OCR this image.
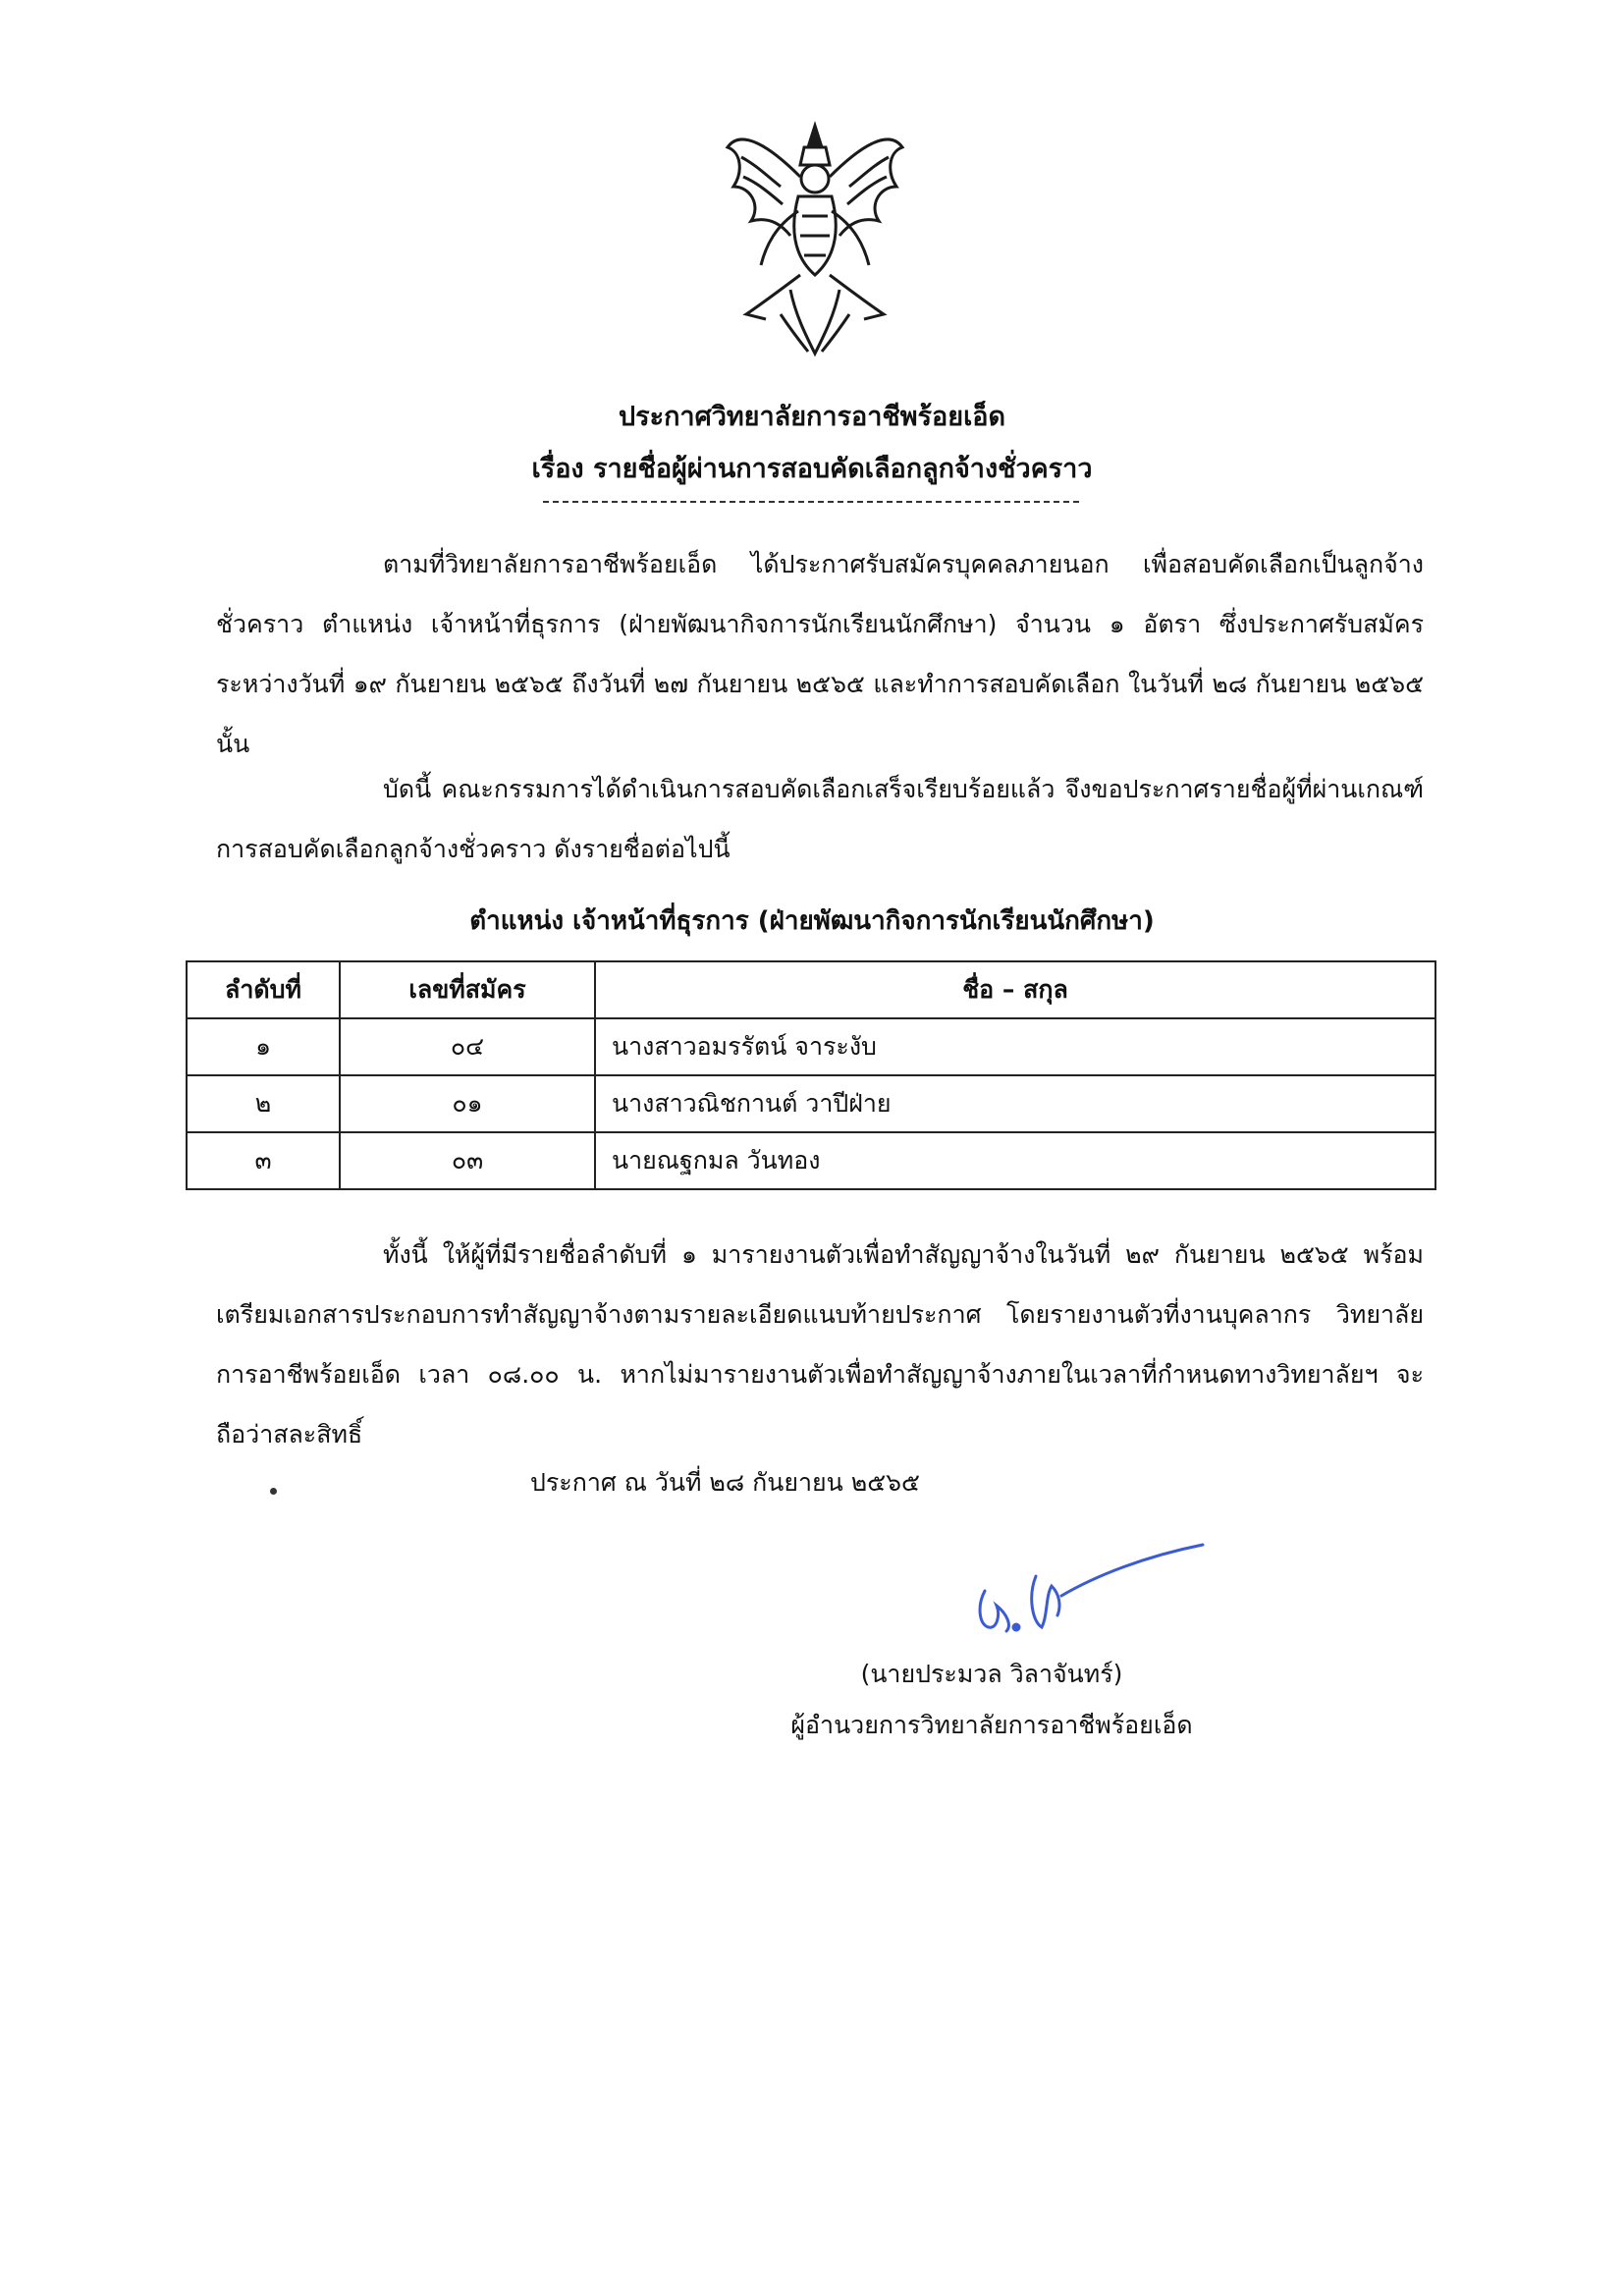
ประกาศวิทยาลัยการอาชีพร้อยเอ็ด
เรื่อง รายชื่อผู้ผ่านการสอบคัดเลือกลูกจ้างชั่วคราว
ตามที่วิทยาลัยการอาชีพร้อยเอ็ด ได้ประกาศรับสมัครบุคคลภายนอก เพื่อสอบคัดเลือกเป็นลูกจ้างชั่วคราว ตำแหน่ง เจ้าหน้าที่ธุรการ (ฝ่ายพัฒนากิจการนักเรียนนักศึกษา) จำนวน ๑ อัตรา ซึ่งประกาศรับสมัครระหว่างวันที่ ๑๙ กันยายน ๒๕๖๕ ถึงวันที่ ๒๗ กันยายน ๒๕๖๕ และทำการสอบคัดเลือก ในวันที่ ๒๘ กันยายน ๒๕๖๕ นั้น
บัดนี้ คณะกรรมการได้ดำเนินการสอบคัดเลือกเสร็จเรียบร้อยแล้ว จึงขอประกาศรายชื่อผู้ที่ผ่านเกณฑ์การสอบคัดเลือกลูกจ้างชั่วคราว ดังรายชื่อต่อไปนี้
ตำแหน่ง เจ้าหน้าที่ธุรการ (ฝ่ายพัฒนากิจการนักเรียนนักศึกษา)
ลำดับที่	เลขที่สมัคร	ชื่อ – สกุล
๑	๐๔	นางสาวอมรรัตน์ จาระงับ
๒	๐๑	นางสาวณิชกานต์ วาปีฝ่าย
๓	๐๓	นายณฐกมล วันทอง
ทั้งนี้ ให้ผู้ที่มีรายชื่อลำดับที่ ๑ มารายงานตัวเพื่อทำสัญญาจ้างในวันที่ ๒๙ กันยายน ๒๕๖๕ พร้อมเตรียมเอกสารประกอบการทำสัญญาจ้างตามรายละเอียดแนบท้ายประกาศ โดยรายงานตัวที่งานบุคลากร วิทยาลัยการอาชีพร้อยเอ็ด เวลา ๐๘.๐๐ น. หากไม่มารายงานตัวเพื่อทำสัญญาจ้างภายในเวลาที่กำหนดทางวิทยาลัยฯ จะถือว่าสละสิทธิ์
ประกาศ ณ วันที่ ๒๘ กันยายน ๒๕๖๕
(นายประมวล วิลาจันทร์)
ผู้อำนวยการวิทยาลัยการอาชีพร้อยเอ็ด
